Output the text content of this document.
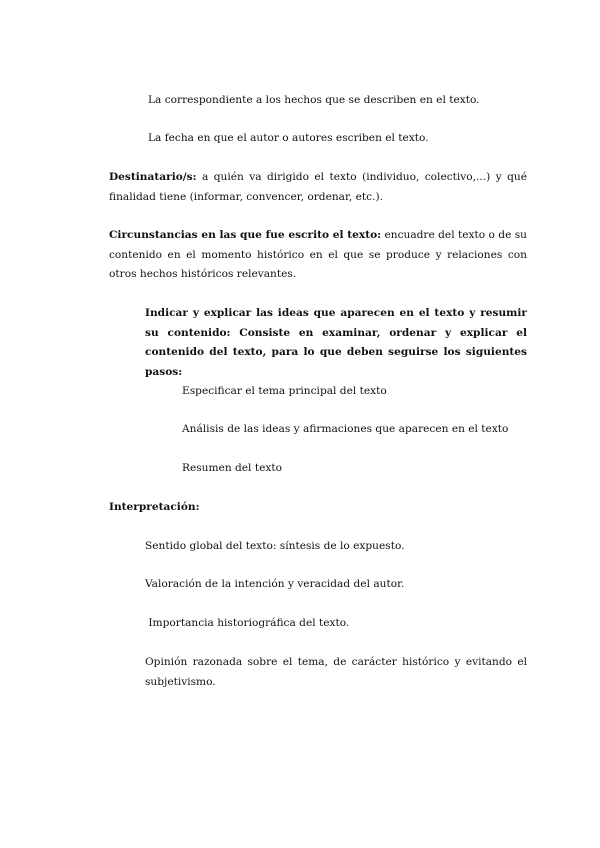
La correspondiente a los hechos que se describen en el texto.
La fecha en que el autor o autores escriben el texto.
Destinatario/s: a quién va dirigido el texto (individuo, colectivo,...) y qué finalidad tiene (informar, convencer, ordenar, etc.).
Circunstancias en las que fue escrito el texto: encuadre del texto o de su contenido en el momento histórico en el que se produce y relaciones con otros hechos históricos relevantes.
Indicar y explicar las ideas que aparecen en el texto y resumir su contenido: Consiste en examinar, ordenar y explicar el contenido del texto, para lo que deben seguirse los siguientes pasos:
Especificar el tema principal del texto
Análisis de las ideas y afirmaciones que aparecen en el texto
Resumen del texto
Interpretación:
Sentido global del texto: síntesis de lo expuesto.
Valoración de la intención y veracidad del autor.
Importancia historiográfica del texto.
Opinión razonada sobre el tema, de carácter histórico y evitando el subjetivismo.
